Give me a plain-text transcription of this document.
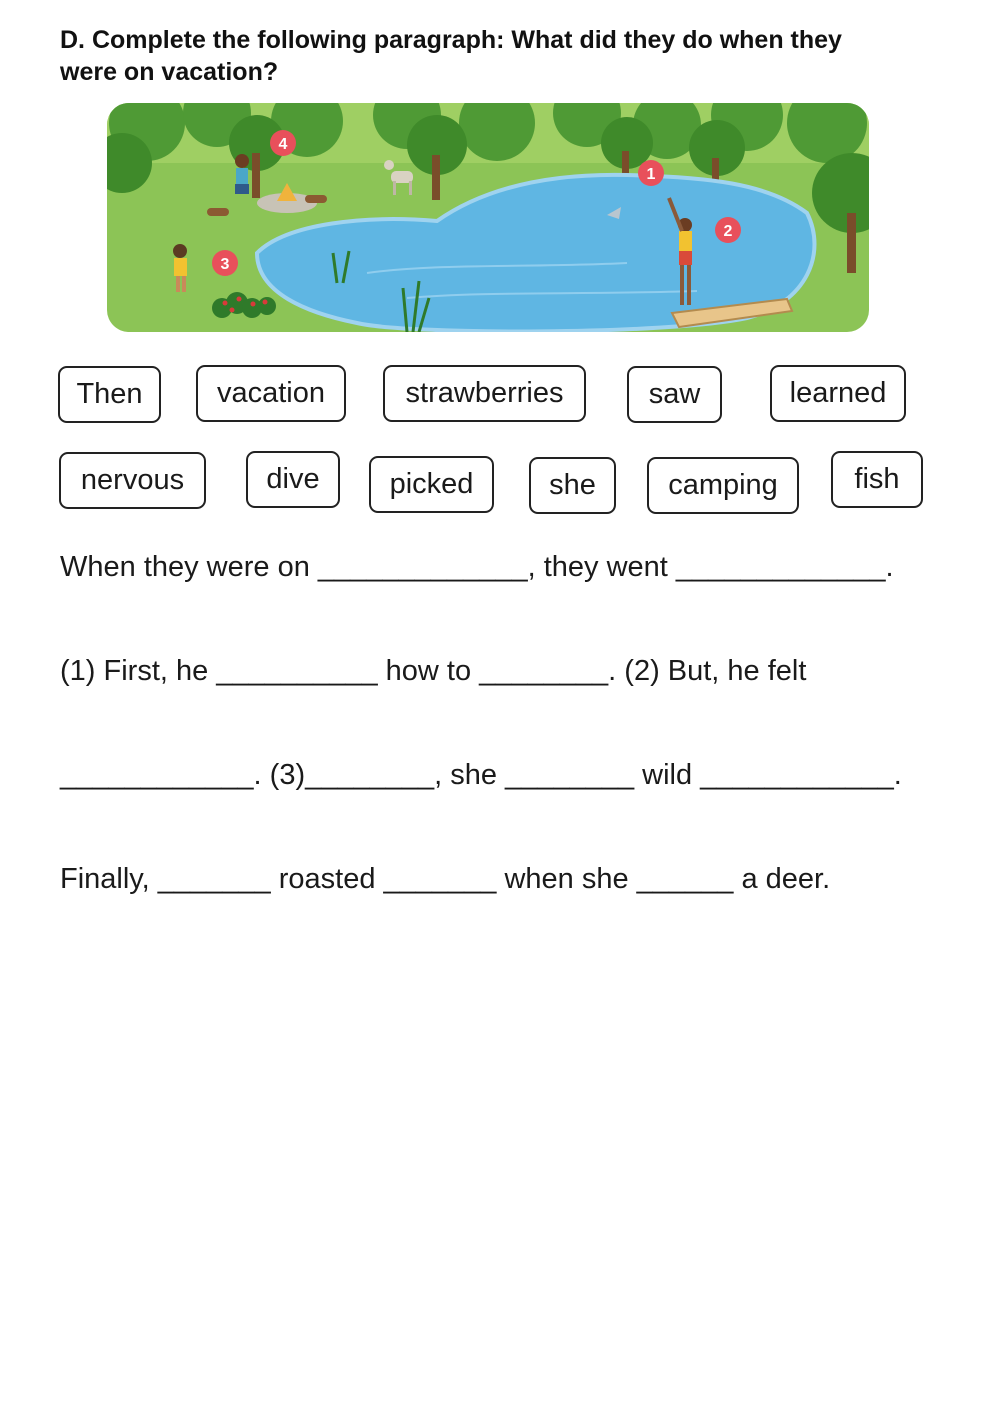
D. Complete the following paragraph: What did they do when they
were on vacation?
1
2
3
4
Then	vacation	strawberries	saw	learned
nervous	dive	picked	she	camping	fish
When they were on _____________, they went _____________.
(1) First, he __________ how to ________. (2) But, he felt
____________. (3)________, she ________ wild ____________.
Finally, _______ roasted _______ when she ______ a deer.
